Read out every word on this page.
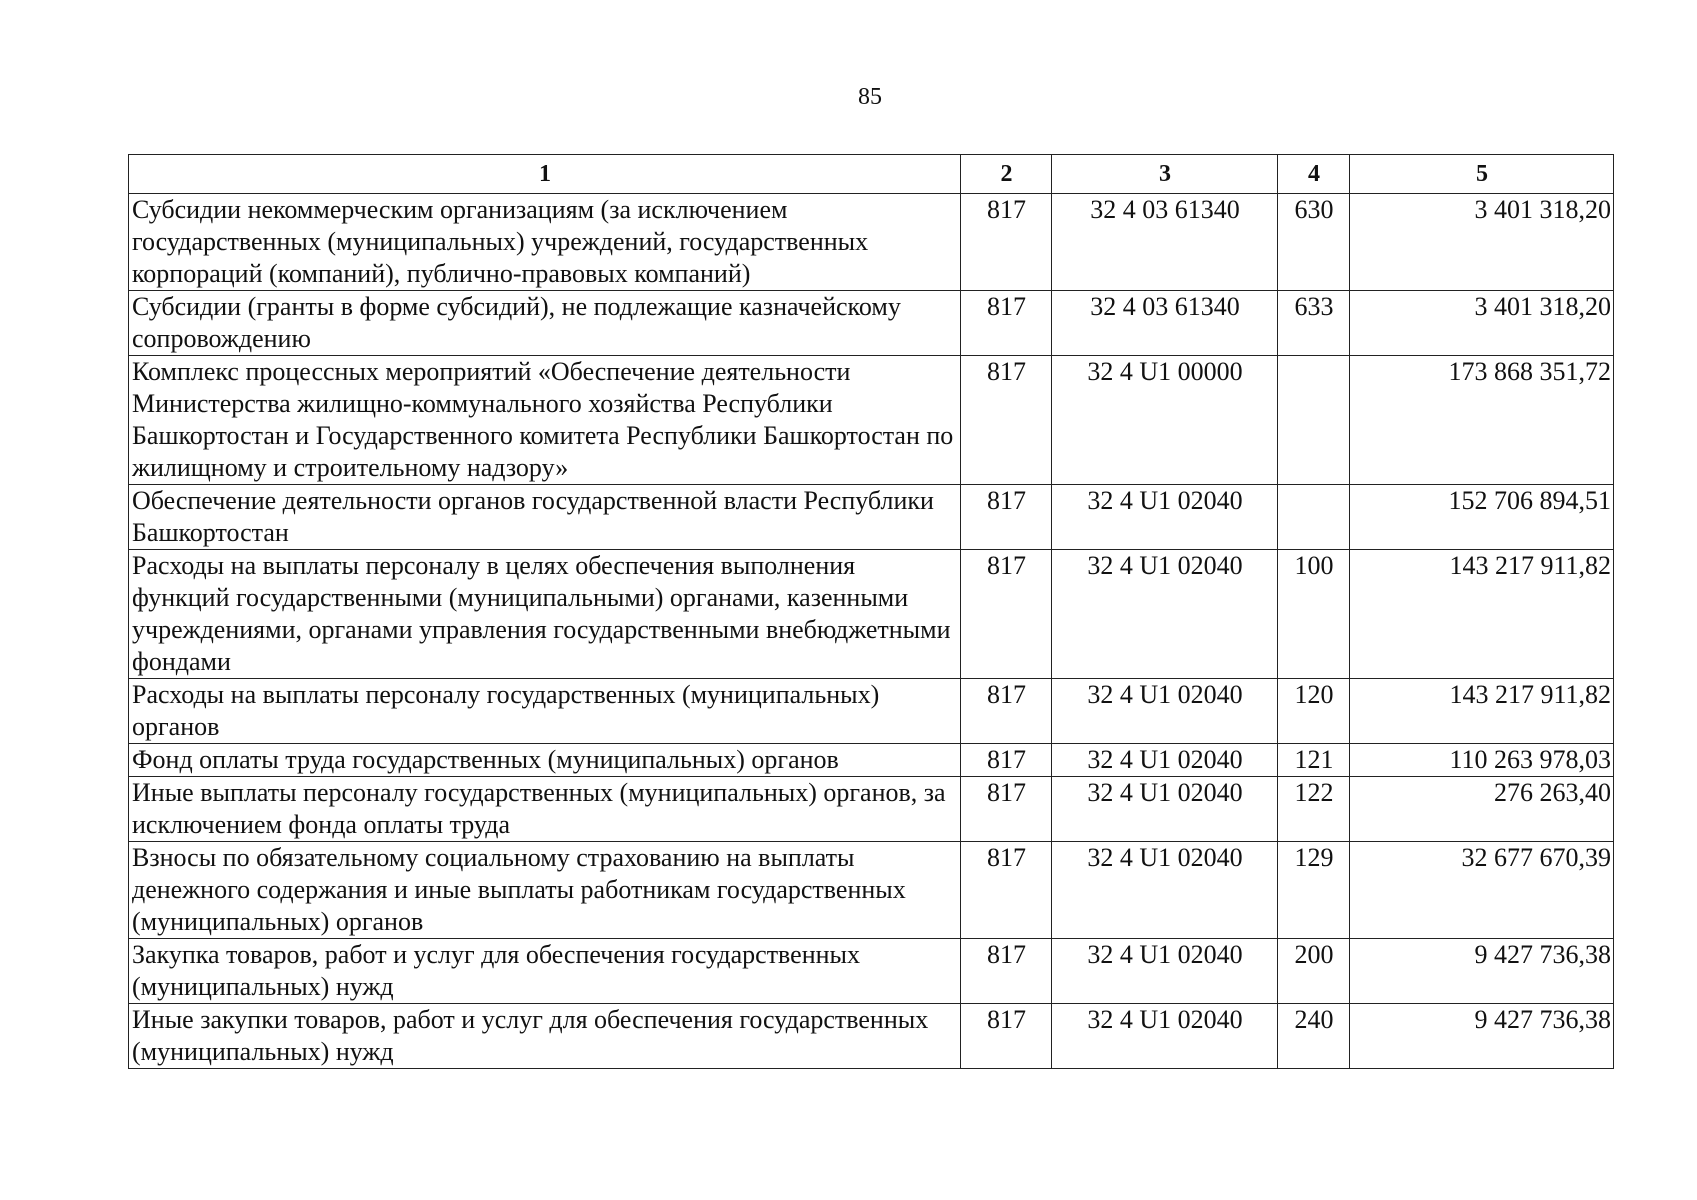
85
1	2	3	4	5
Субсидии некоммерческим организациям (за исключением государственных (муниципальных) учреждений, государственных корпораций (компаний), публично-правовых компаний)	817	32 4 03 61340	630	3 401 318,20
Субсидии (гранты в форме субсидий), не подлежащие казначейскому сопровождению	817	32 4 03 61340	633	3 401 318,20
Комплекс процессных мероприятий «Обеспечение деятельности Министерства жилищно-коммунального хозяйства Республики Башкортостан и Государственного комитета Республики Башкортостан по жилищному и строительному надзору»	817	32 4 U1 00000		173 868 351,72
Обеспечение деятельности органов государственной власти Республики Башкортостан	817	32 4 U1 02040		152 706 894,51
Расходы на выплаты персоналу в целях обеспечения выполнения функций государственными (муниципальными) органами, казенными учреждениями, органами управления государственными внебюджетными фондами	817	32 4 U1 02040	100	143 217 911,82
Расходы на выплаты персоналу государственных (муниципальных) органов	817	32 4 U1 02040	120	143 217 911,82
Фонд оплаты труда государственных (муниципальных) органов	817	32 4 U1 02040	121	110 263 978,03
Иные выплаты персоналу государственных (муниципальных) органов, за исключением фонда оплаты труда	817	32 4 U1 02040	122	276 263,40
Взносы по обязательному социальному страхованию на выплаты денежного содержания и иные выплаты работникам государственных (муниципальных) органов	817	32 4 U1 02040	129	32 677 670,39
Закупка товаров, работ и услуг для обеспечения государственных (муниципальных) нужд	817	32 4 U1 02040	200	9 427 736,38
Иные закупки товаров, работ и услуг для обеспечения государственных (муниципальных) нужд	817	32 4 U1 02040	240	9 427 736,38
